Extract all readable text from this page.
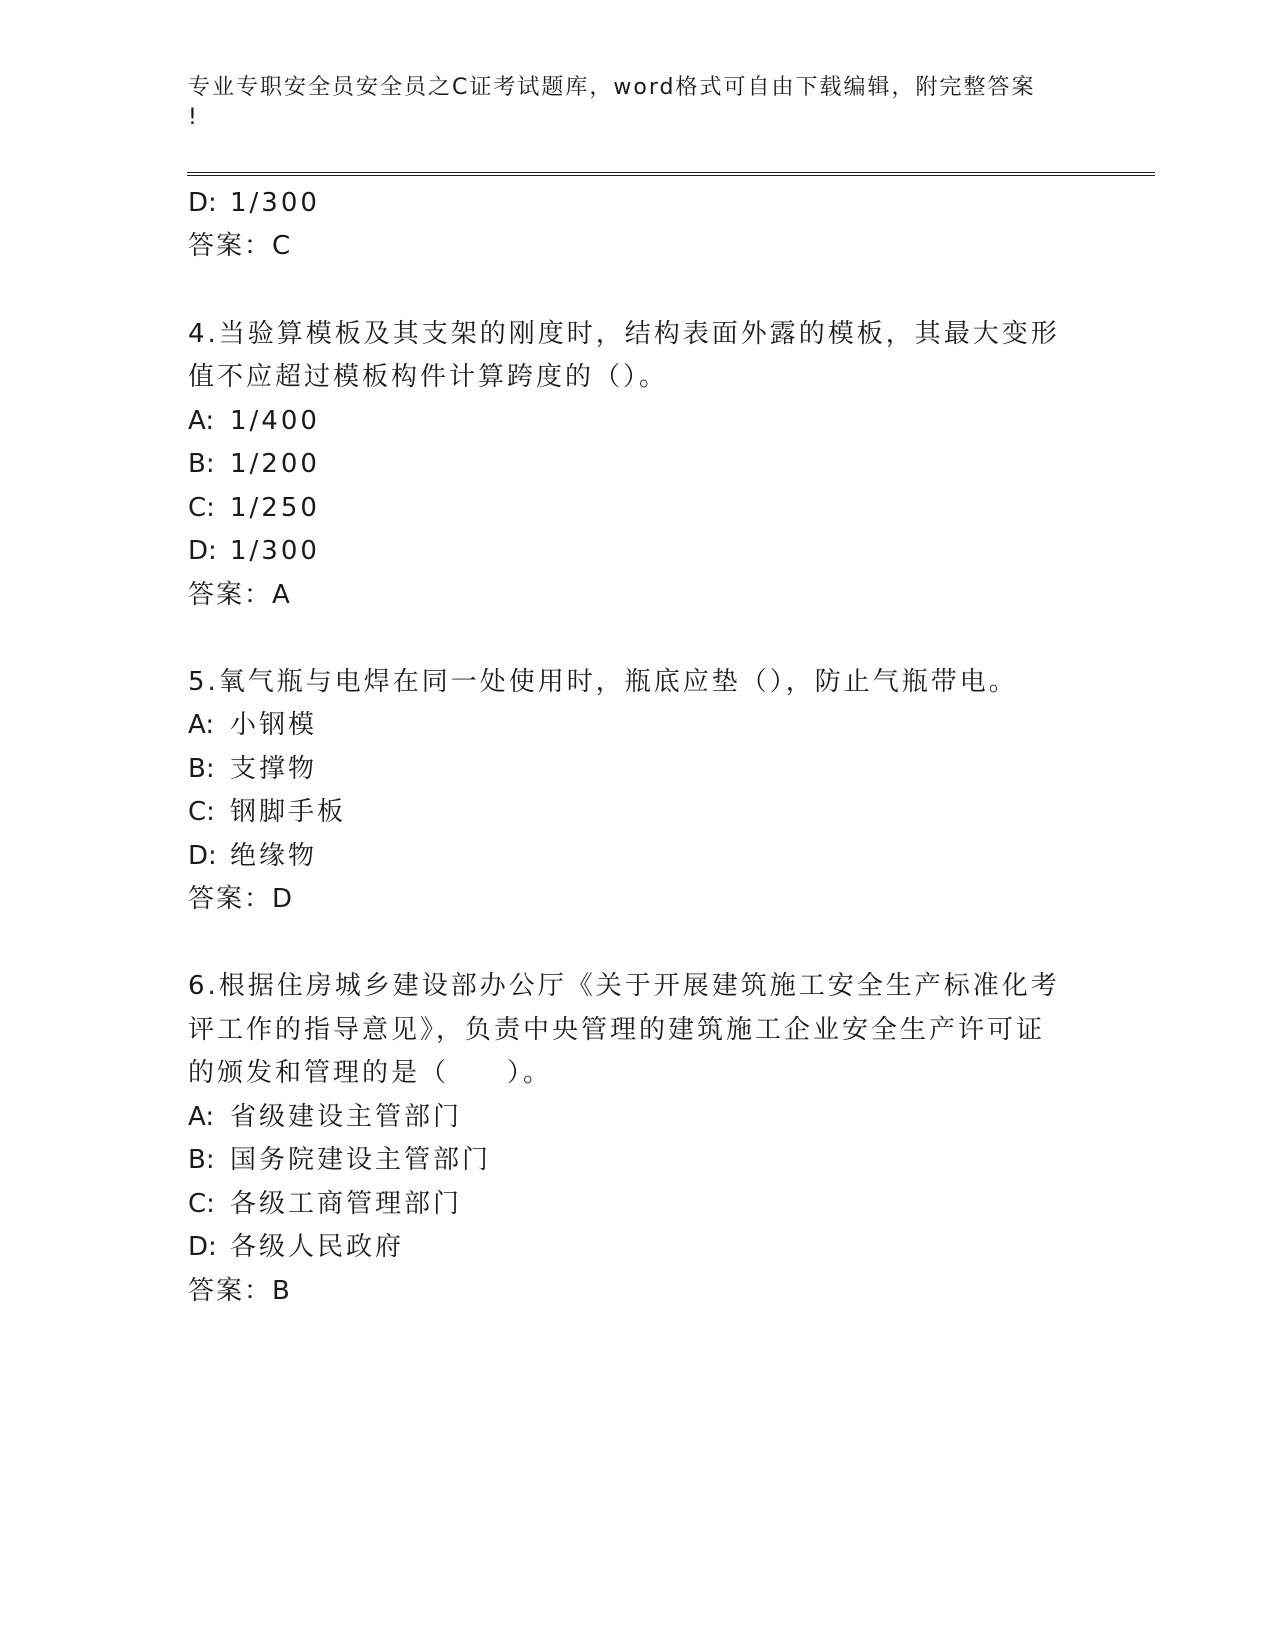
专业专职安全员安全员之C证考试题库，word格式可自由下载编辑，附完整答案
!
D: 1/300
答案：C
4.当验算模板及其支架的刚度时，结构表面外露的模板，其最大变形
值不应超过模板构件计算跨度的（）。
A: 1/400
B: 1/200
C: 1/250
D: 1/300
答案：A
5.氧气瓶与电焊在同一处使用时，瓶底应垫（），防止气瓶带电。
A: 小钢模
B: 支撑物
C: 钢脚手板
D: 绝缘物
答案：D
6.根据住房城乡建设部办公厅《关于开展建筑施工安全生产标准化考
评工作的指导意见》，负责中央管理的建筑施工企业安全生产许可证
的颁发和管理的是（　　）。
A: 省级建设主管部门
B: 国务院建设主管部门
C: 各级工商管理部门
D: 各级人民政府
答案：B
